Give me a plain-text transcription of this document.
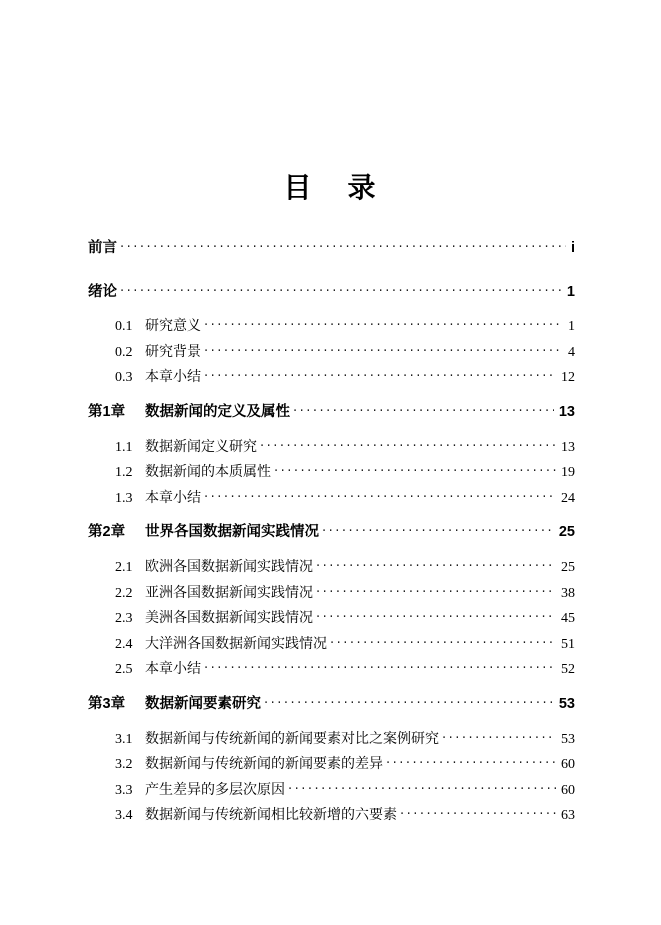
目　录
前言 ·····	i
绪论 ·····	1
0.1 研究意义 ·····	1
0.2 研究背景 ·····	4
0.3 本章小结 ·····	12
第1章	数据新闻的定义及属性 ·····	13
1.1 数据新闻定义研究 ·····	13
1.2 数据新闻的本质属性 ·····	19
1.3 本章小结 ·····	24
第2章	世界各国数据新闻实践情况 ·····	25
2.1 欧洲各国数据新闻实践情况 ·····	25
2.2 亚洲各国数据新闻实践情况 ·····	38
2.3 美洲各国数据新闻实践情况 ·····	45
2.4 大洋洲各国数据新闻实践情况 ·····	51
2.5 本章小结 ·····	52
第3章	数据新闻要素研究 ·····	53
3.1 数据新闻与传统新闻的新闻要素对比之案例研究 ·····	53
3.2 数据新闻与传统新闻的新闻要素的差异 ·····	60
3.3 产生差异的多层次原因 ·····	60
3.4 数据新闻与传统新闻相比较新增的六要素 ·····	63
